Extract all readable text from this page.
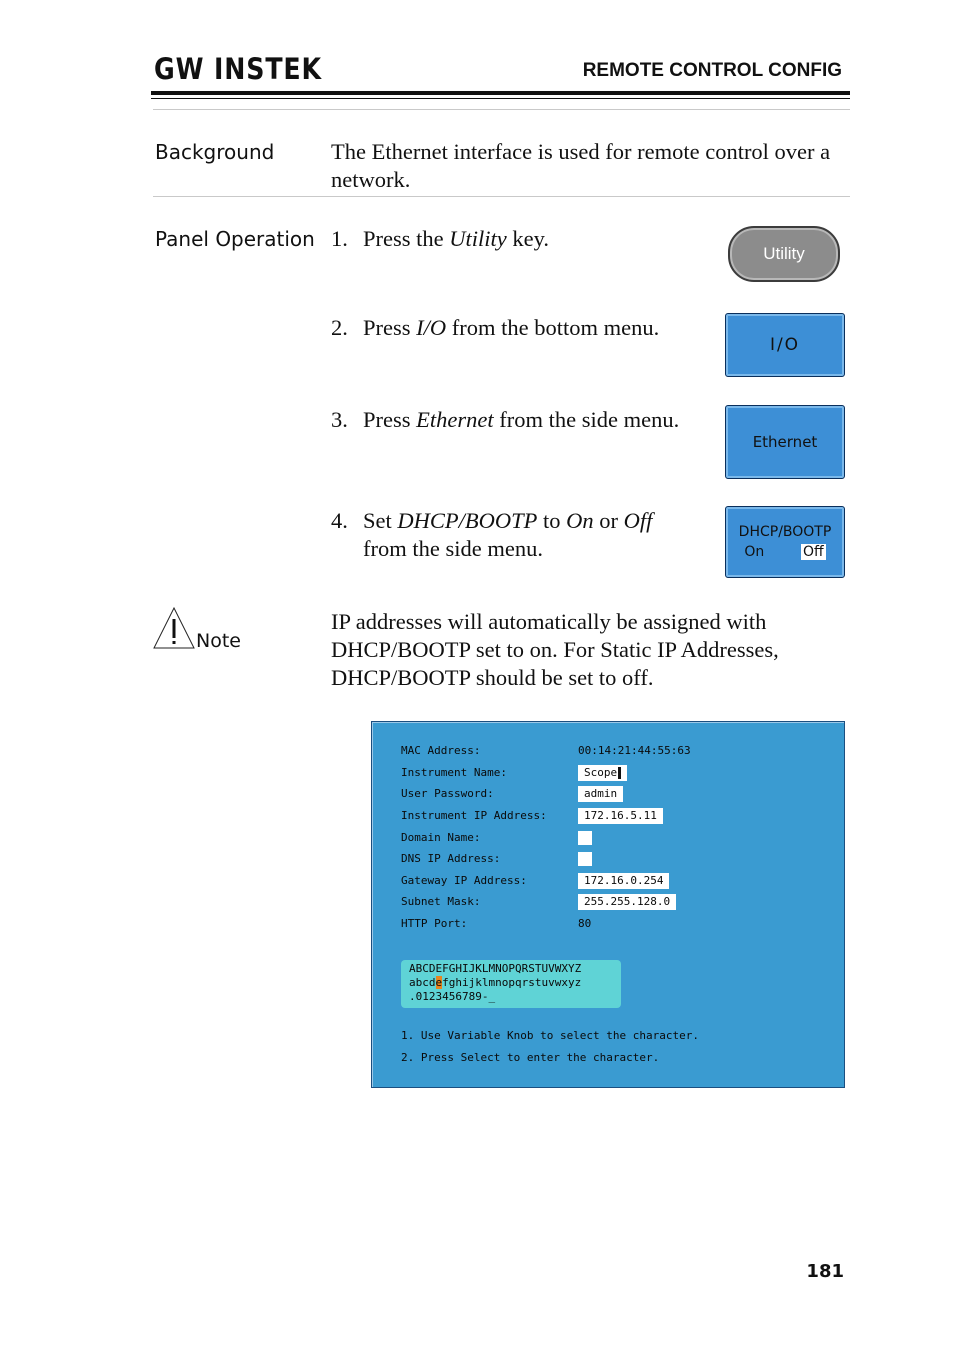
GW INSTEK	REMOTE CONTROL CONFIG
Background	The Ethernet interface is used for remote control over a network.
Panel Operation 1. Press the Utility key.
2. Press I/O from the bottom menu.
3. Press Ethernet from the side menu.
4. Set DHCP/BOOTP to On or Off
from the side menu.
Utility
I/O
Ethernet
DHCP/BOOTP
On	Off
Note
IP addresses will automatically be assigned with DHCP/BOOTP set to on. For Static IP Addresses, DHCP/BOOTP should be set to off.
MAC Address:	00:14:21:44:55:63
Instrument Name:	Scope
User Password:	admin
Instrument IP Address:	172.16.5.11
Domain Name:
DNS IP Address:
Gateway IP Address:	172.16.0.254
Subnet Mask:	255.255.128.0
HTTP Port:	80
ABCDEFGHIJKLMNOPQRSTUVWXYZ
abcdefghijklmnopqrstuvwxyz
.0123456789-_
1. Use Variable Knob to select the character.
2. Press Select to enter the character.
181
